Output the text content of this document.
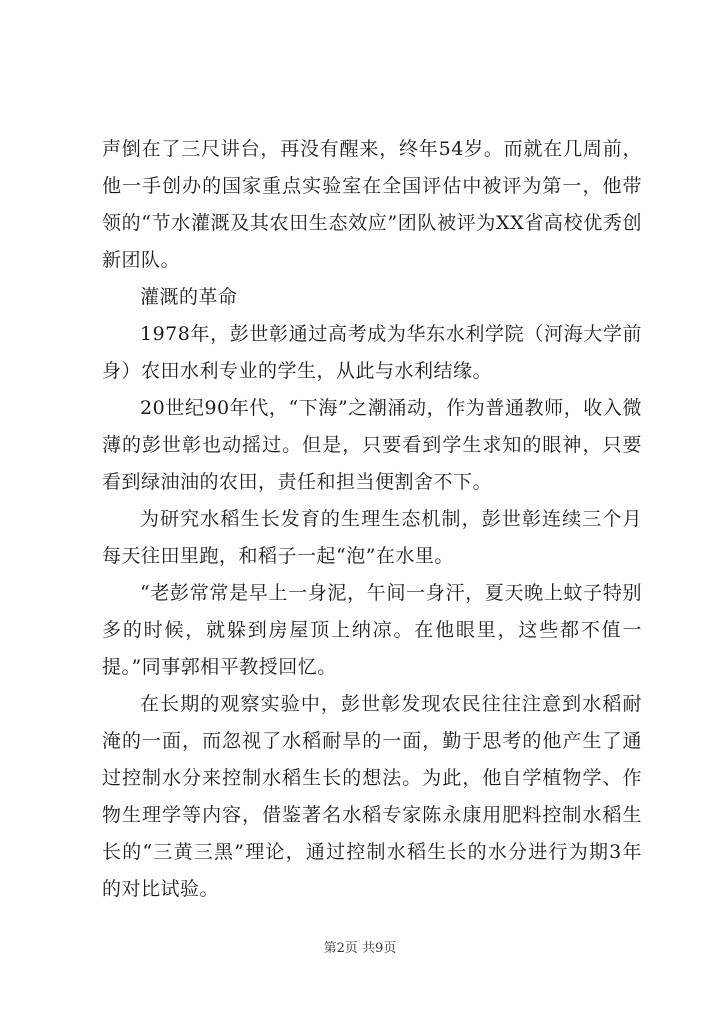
声倒在了三尺讲台，再没有醒来，终年54岁。而就在几周前，他一手创办的国家重点实验室在全国评估中被评为第一，他带领的“节水灌溉及其农田生态效应”团队被评为XX省高校优秀创新团队。

灌溉的革命

1978年，彭世彰通过高考成为华东水利学院（河海大学前身）农田水利专业的学生，从此与水利结缘。

20世纪90年代，“下海”之潮涌动，作为普通教师，收入微薄的彭世彰也动摇过。但是，只要看到学生求知的眼神，只要看到绿油油的农田，责任和担当便割舍不下。

为研究水稻生长发育的生理生态机制，彭世彰连续三个月每天往田里跑，和稻子一起“泡”在水里。

“老彭常常是早上一身泥，午间一身汗，夏天晚上蚊子特别多的时候，就躲到房屋顶上纳凉。在他眼里，这些都不值一提。”同事郭相平教授回忆。

在长期的观察实验中，彭世彰发现农民往往注意到水稻耐淹的一面，而忽视了水稻耐旱的一面，勤于思考的他产生了通过控制水分来控制水稻生长的想法。为此，他自学植物学、作物生理学等内容，借鉴著名水稻专家陈永康用肥料控制水稻生长的“三黄三黑”理论，通过控制水稻生长的水分进行为期3年的对比试验。

第2页 共9页
